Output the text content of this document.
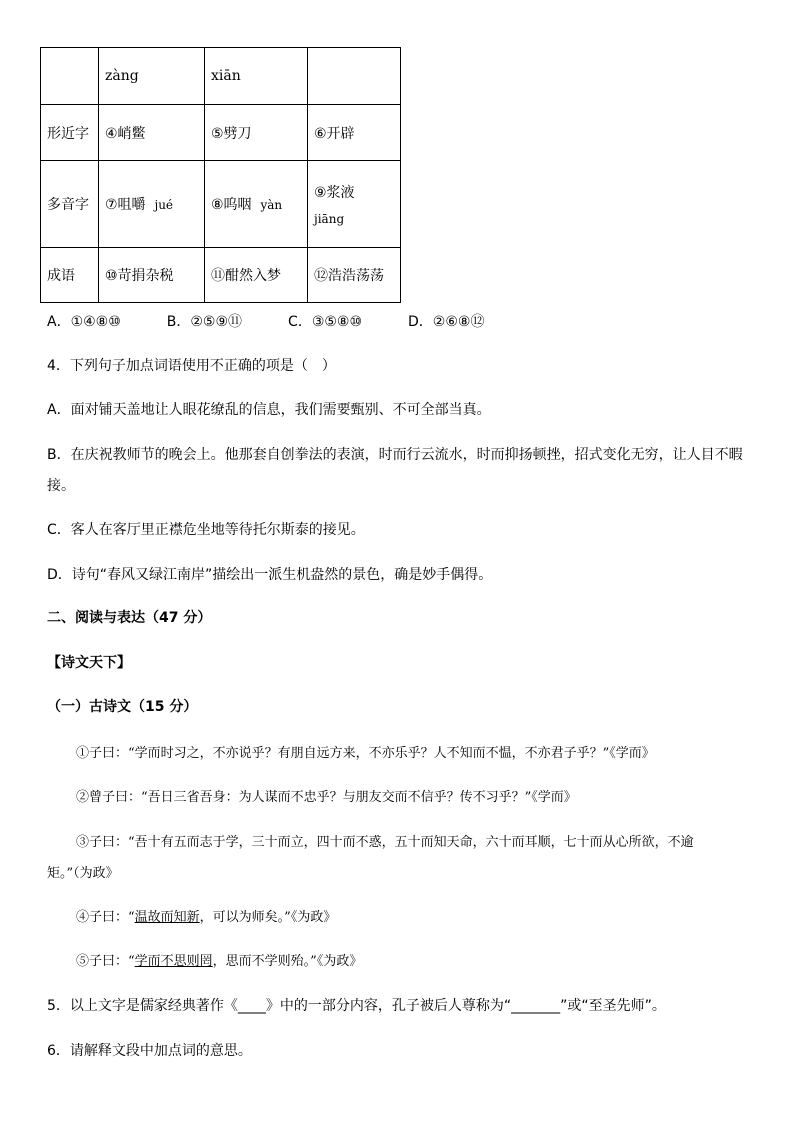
	zàng	xiān	
形近字	④峭鳖	⑤劈刀	⑥开辟
多音字	⑦咀嚼 jué	⑧呜咽 yàn	⑨浆液
jiāng

成语	⑩苛捐杂税	⑪酣然入梦	⑫浩浩荡荡
A．①④⑧⑩	B．②⑤⑨⑪	C．③⑤⑧⑩	D．②⑥⑧⑫
4．下列句子加点词语使用不正确的项是（　）
A．面对铺天盖地让人眼花缭乱的信息，我们需要甄别、不可全部当真。
B．在庆祝教师节的晚会上。他那套自创拳法的表演，时而行云流水，时而抑扬顿挫，招式变化无穷，让人目不暇
接。
C．客人在客厅里正襟危坐地等待托尔斯泰的接见。
D．诗句“春风又绿江南岸”描绘出一派生机盎然的景色，确是妙手偶得。
二、阅读与表达（47 分）
【诗文天下】
（一）古诗文（15 分）
①子曰：“学而时习之，不亦说乎？有朋自远方来，不亦乐乎？人不知而不愠，不亦君子乎？”《学而》
②曾子曰：“吾日三省吾身：为人谋而不忠乎？与朋友交而不信乎？传不习乎？”《学而》
③子曰：“吾十有五而志于学，三十而立，四十而不惑，五十而知天命，六十而耳顺，七十而从心所欲，不逾
矩。”（为政》
④子曰：“温故而知新，可以为师矣。”《为政》
⑤子曰：“学而不思则罔，思而不学则殆。”《为政》
5．以上文字是儒家经典著作《____》中的一部分内容，孔子被后人尊称为“_______”或“至圣先师”。
6．请解释文段中加点词的意思。
